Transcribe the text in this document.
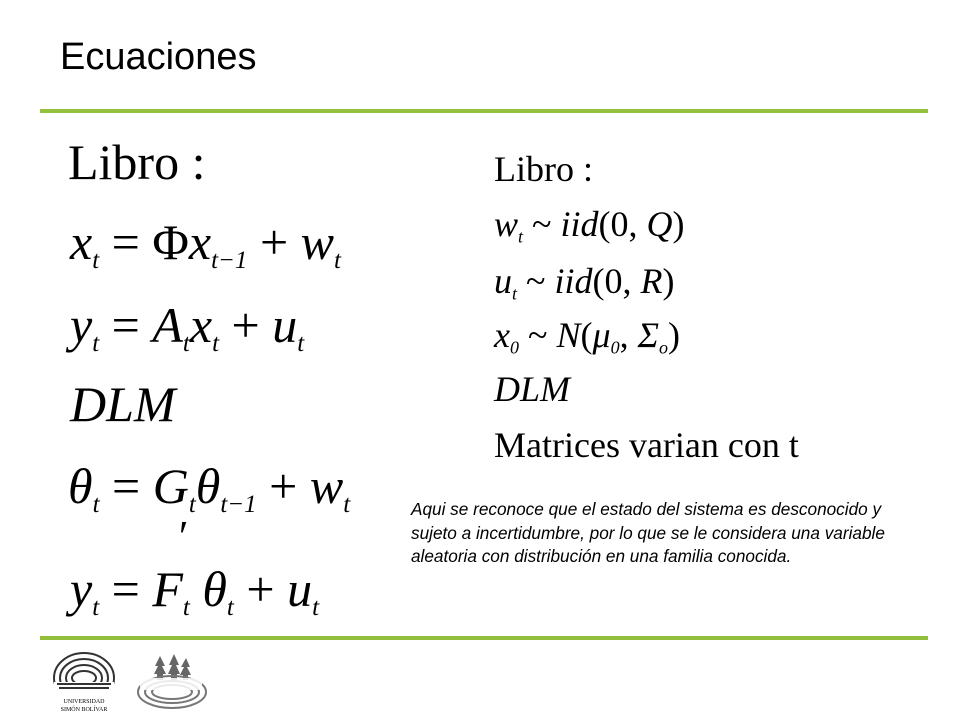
Ecuaciones
Libro :
$x_t = \Phi x_{t-1} + w_t$
$y_t = A_tx_t + u_t$
DLM
$\theta_t = G_t\theta_{t-1} + w_t$
$y_t = F_t$
′
$\theta_t + u_t$
Libro :
$w_t$ ~ iid(0, Q)
$u_t$ ~ iid(0, R)
$x_0$ ~ $N(\mu_0$, $\Sigma_o$)
DLM
Matrices varian con t

Aqui se reconoce que el estado del sistema es desconocido y sujeto a incertidumbre, por lo que se le considera una variable aleatoria con distribución en una familia conocida.

UNIVERSIDAD
SIMÓN BOLÍVAR
